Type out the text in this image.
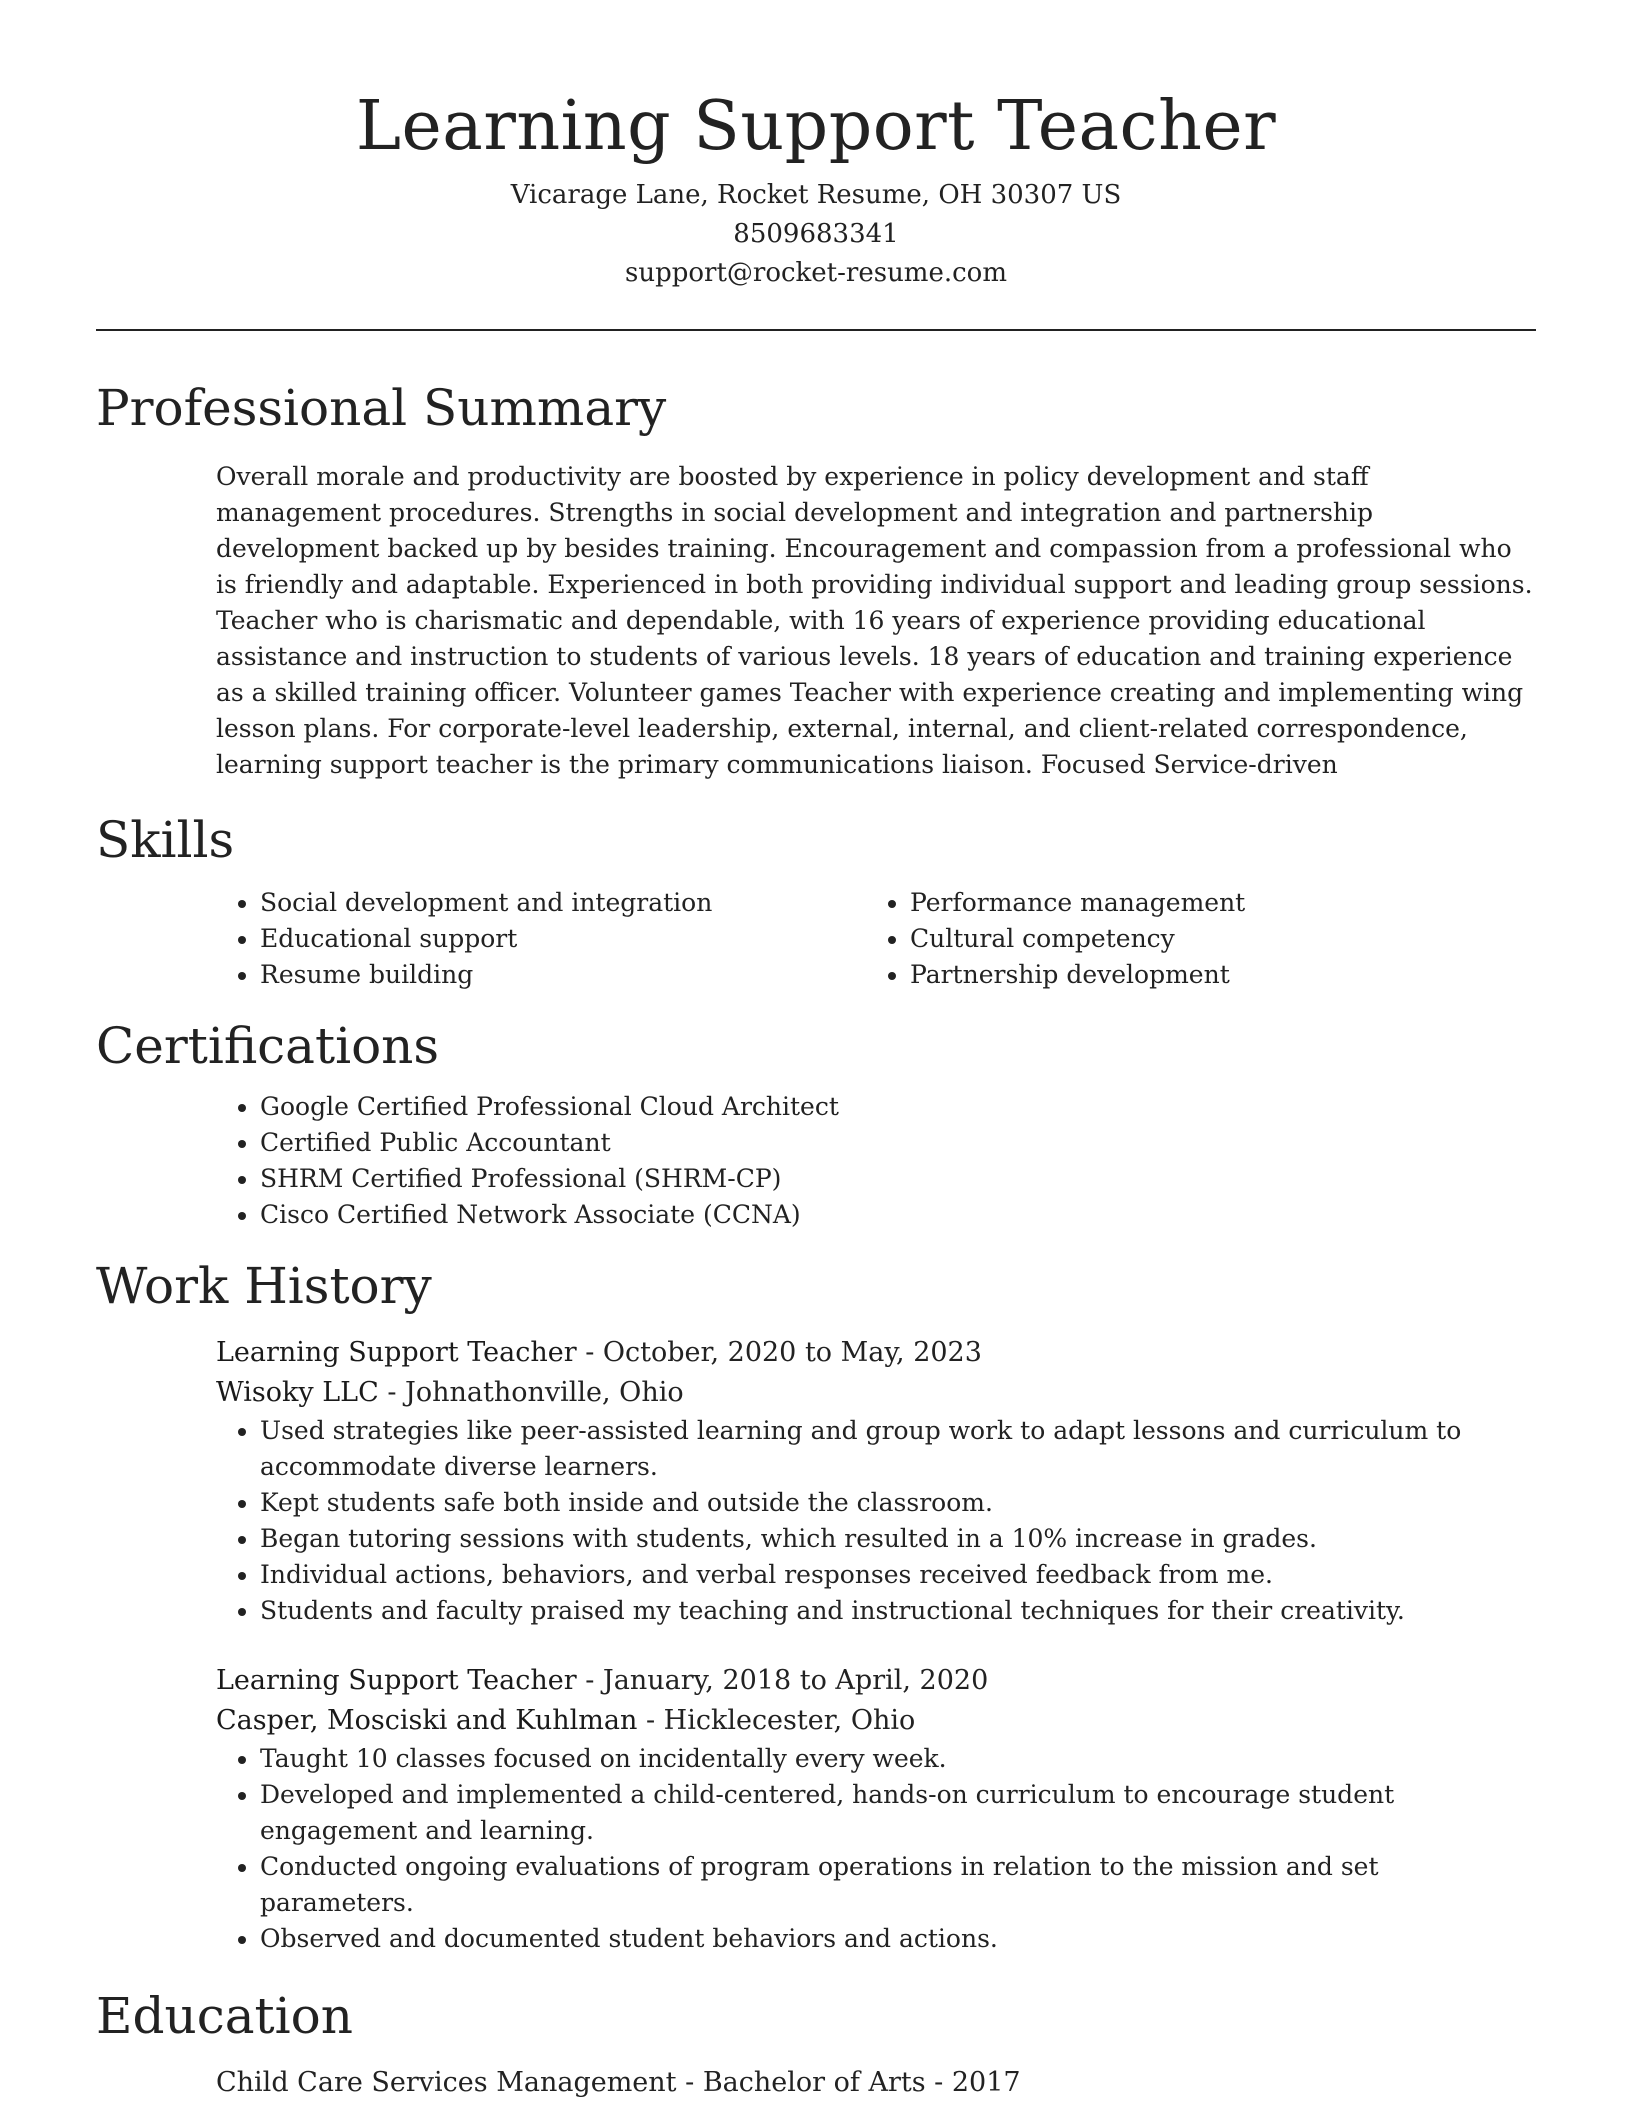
Learning Support Teacher
Vicarage Lane, Rocket Resume, OH 30307 US
8509683341
support@rocket-resume.com
Professional Summary
Overall morale and productivity are boosted by experience in policy development and staff management procedures. Strengths in social development and integration and partnership development backed up by besides training. Encouragement and compassion from a professional who is friendly and adaptable. Experienced in both providing individual support and leading group sessions. Teacher who is charismatic and dependable, with 16 years of experience providing educational assistance and instruction to students of various levels. 18 years of education and training experience as a skilled training officer. Volunteer games Teacher with experience creating and implementing wing lesson plans. For corporate-level leadership, external, internal, and client-related correspondence, learning support teacher is the primary communications liaison. Focused Service-driven
Skills
• Social development and integration
• Educational support
• Resume building
• Performance management
• Cultural competency
• Partnership development
Certifications
• Google Certified Professional Cloud Architect
• Certified Public Accountant
• SHRM Certified Professional (SHRM-CP)
• Cisco Certified Network Associate (CCNA)
Work History
Learning Support Teacher - October, 2020 to May, 2023
Wisoky LLC - Johnathonville, Ohio
• Used strategies like peer-assisted learning and group work to adapt lessons and curriculum to accommodate diverse learners.
• Kept students safe both inside and outside the classroom.
• Began tutoring sessions with students, which resulted in a 10% increase in grades.
• Individual actions, behaviors, and verbal responses received feedback from me.
• Students and faculty praised my teaching and instructional techniques for their creativity.
Learning Support Teacher - January, 2018 to April, 2020
Casper, Mosciski and Kuhlman - Hicklecester, Ohio
• Taught 10 classes focused on incidentally every week.
• Developed and implemented a child-centered, hands-on curriculum to encourage student engagement and learning.
• Conducted ongoing evaluations of program operations in relation to the mission and set parameters.
• Observed and documented student behaviors and actions.
Education
Child Care Services Management - Bachelor of Arts - 2017
